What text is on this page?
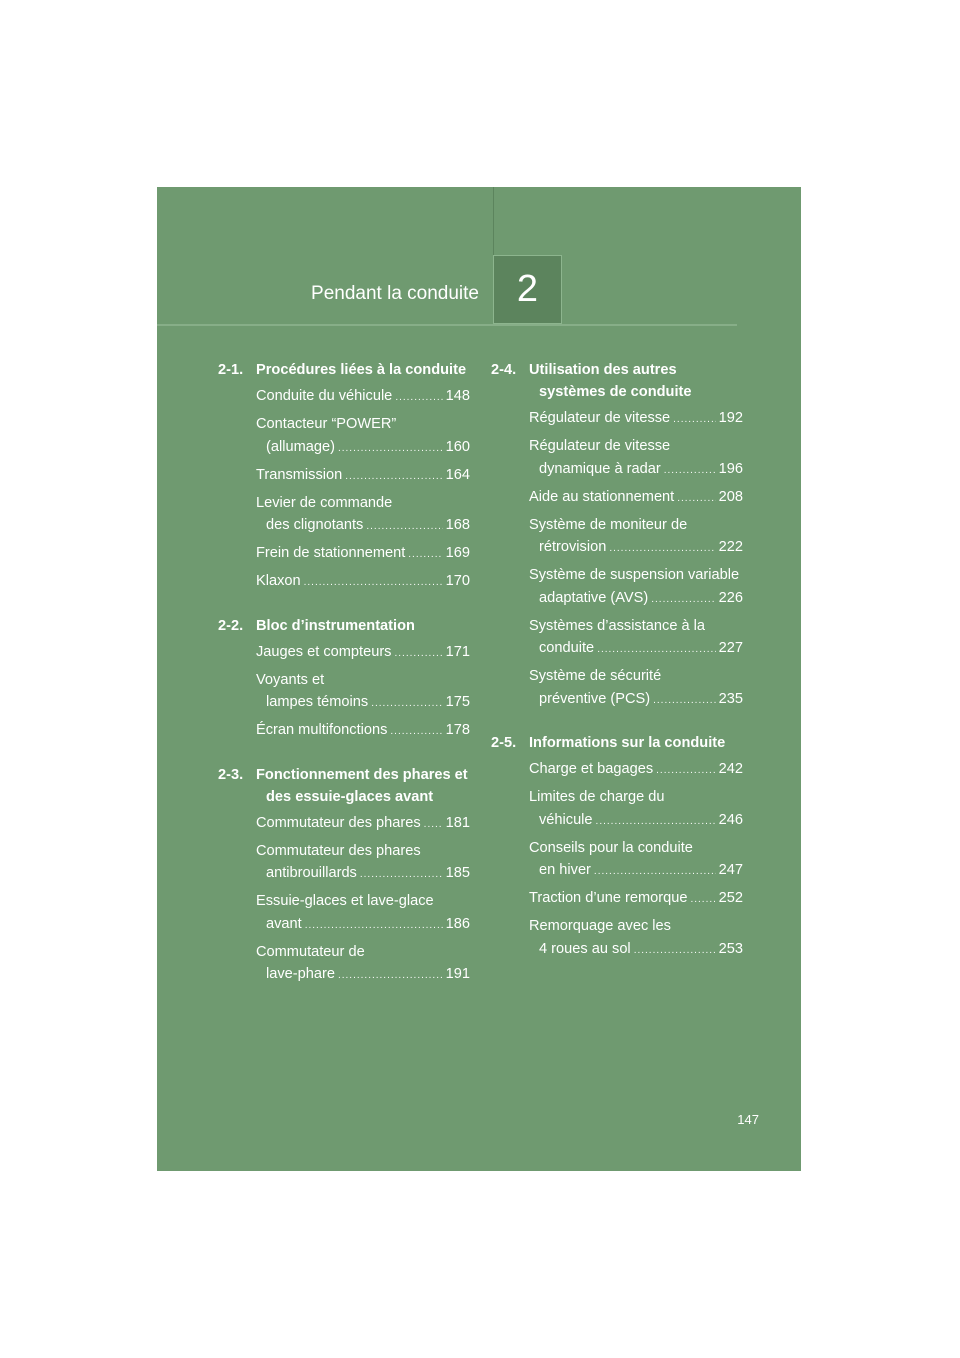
Pendant la conduite 2
2-1. Procédures liées à la conduite
Conduite du véhicule .....	148
Contacteur “POWER”
(allumage) .....	160
Transmission .....	164
Levier de commande
des clignotants .....	168
Frein de stationnement .....	169
Klaxon .....	170
2-2. Bloc d’instrumentation
Jauges et compteurs .....	171
Voyants et
lampes témoins .....	175
Écran multifonctions .....	178
2-3. Fonctionnement des phares et des essuie-glaces avant
Commutateur des phares ..... 181
Commutateur des phares
antibrouillards .....	185
Essuie-glaces et lave-glace
avant .....	186
Commutateur de
lave-phare .....	191
2-4. Utilisation des autres systèmes de conduite
Régulateur de vitesse .....	192
Régulateur de vitesse
dynamique à radar .....	196
Aide au stationnement .....	208
Système de moniteur de
rétrovision .....	222
Système de suspension variable
adaptative (AVS) .....	226
Systèmes d’assistance à la
conduite .....	227
Système de sécurité
préventive (PCS) .....	235
2-5. Informations sur la conduite
Charge et bagages .....	242
Limites de charge du
véhicule .....	246
Conseils pour la conduite
en hiver .....	247
Traction d’une remorque ..... 252
Remorquage avec les
4 roues au sol .....	253
147
